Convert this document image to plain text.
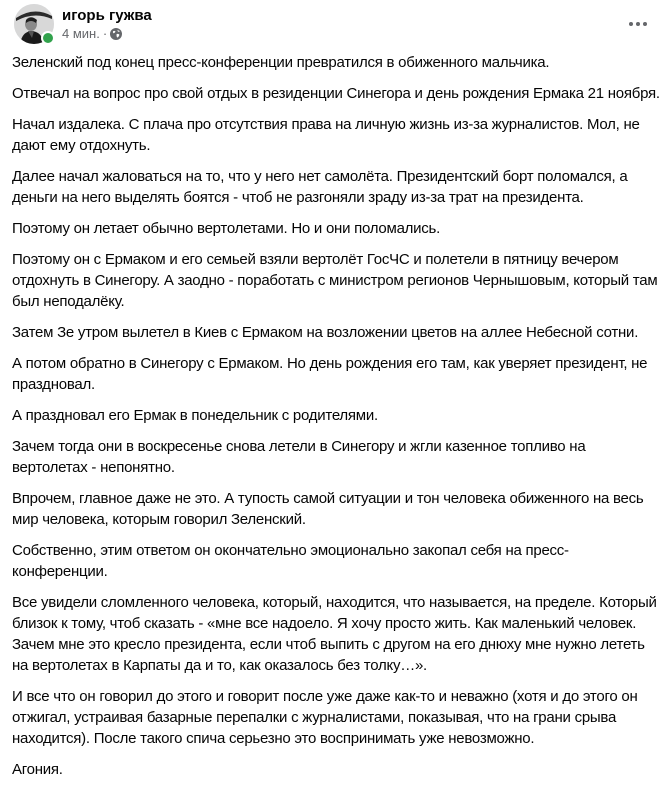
игорь гужва
4 мин. ·

Зеленский под конец пресс-конференции превратился в обиженного мальчика.

Отвечал на вопрос про свой отдых в резиденции Синегора и день рождения Ермака 21 ноября.

Начал издалека. С плача про отсутствия права на личную жизнь из-за журналистов. Мол, не дают ему отдохнуть.

Далее начал жаловаться на то, что у него нет самолёта. Президентский борт поломался, а деньги на него выделять боятся - чтоб не разгоняли зраду из-за трат на президента.

Поэтому он летает обычно вертолетами. Но и они поломались.

Поэтому он с Ермаком и его семьей взяли вертолёт ГосЧС и полетели в пятницу вечером отдохнуть в Синегору. А заодно - поработать с министром регионов Чернышовым, который там был неподалёку.

Затем Зе утром вылетел в Киев с Ермаком на возложении цветов на аллее Небесной сотни.

А потом обратно в Синегору с Ермаком. Но день рождения его там, как уверяет президент, не праздновал.

А праздновал его Ермак в понедельник с родителями.

Зачем тогда они в воскресенье снова летели в Синегору и жгли казенное топливо на вертолетах - непонятно.

Впрочем, главное даже не это. А тупость самой ситуации и тон человека обиженного на весь мир человека, которым говорил Зеленский.

Собственно, этим ответом он окончательно эмоционально закопал себя на пресс-конференции.

Все увидели сломленного человека, который, находится, что называется, на пределе. Который близок к тому, чтоб сказать - «мне все надоело. Я хочу просто жить. Как маленький человек. Зачем мне это кресло президента, если чтоб выпить с другом на его днюху мне нужно лететь на вертолетах в Карпаты да и то, как оказалось без толку…».

И все что он говорил до этого и говорит после уже даже как-то и неважно (хотя и до этого он отжигал, устраивая базарные перепалки с журналистами, показывая, что на грани срыва находится). После такого спича серьезно это воспринимать уже невозможно.

Агония.
